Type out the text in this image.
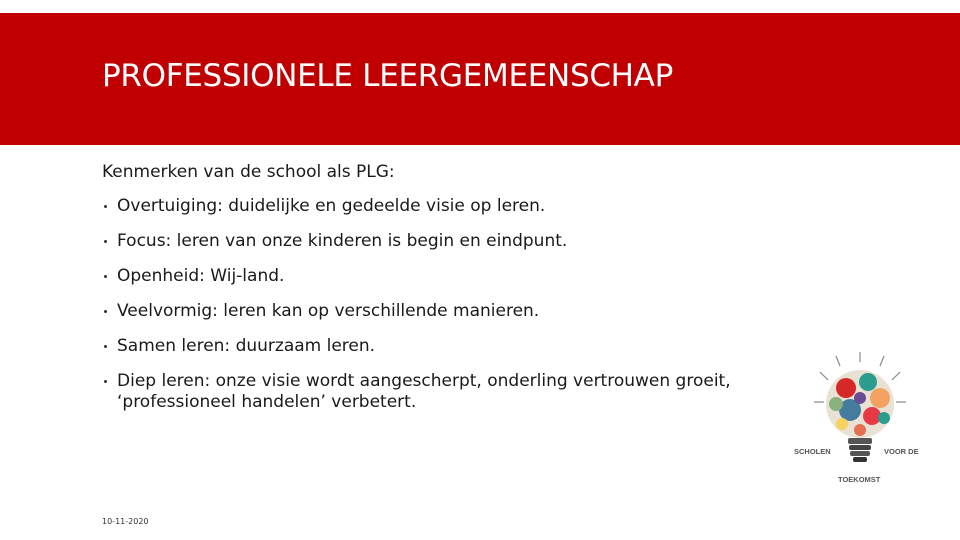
PROFESSIONELE LEERGEMEENSCHAP

Kenmerken van de school als PLG:

Overtuiging: duidelijke en gedeelde visie op leren.
Focus: leren van onze kinderen is begin en eindpunt.
Openheid: Wij-land.
Veelvormig: leren kan op verschillende manieren.
Samen leren: duurzaam leren.
Diep leren: onze visie wordt aangescherpt, onderling vertrouwen groeit, ‘professioneel handelen’ verbetert.
10-11-2020
SCHOLEN	VOOR DE
TOEKOMST
